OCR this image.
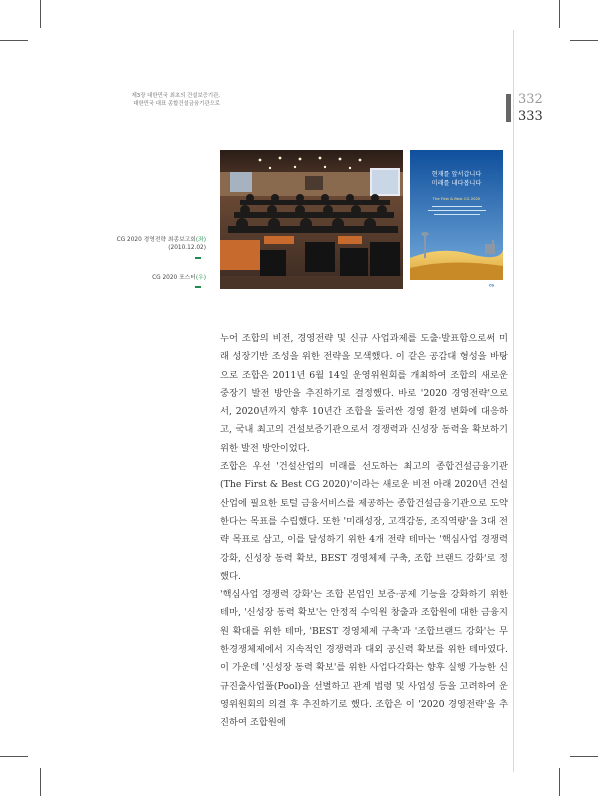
제3장 대한민국 최초의 건설보증기관,
대한민국 대표 종합건설금융기관으로	332
333
현재를 앞서갑니다
미래를 내다봅니다
The First & Best CG 2020
CG
CG 2020 경영전략 최종보고회(좌)
(2010.12.02)
CG 2020 포스터(우)

누어 조합의 비전, 경영전략 및 신규 사업과제를 도출·발표함으로써 미래 성장기반 조성을 위한 전략을 모색했다. 이 같은 공감대 형성을 바탕으로 조합은 2011년 6월 14일 운영위원회를 개최하여 조합의 새로운 중장기 발전 방안을 추진하기로 결정했다. 바로 '2020 경영전략'으로서, 2020년까지 향후 10년간 조합을 둘러싼 경영 환경 변화에 대응하고, 국내 최고의 건설보증기관으로서 경쟁력과 신성장 동력을 확보하기 위한 발전 방안이었다.

조합은 우선 '건설산업의 미래를 선도하는 최고의 종합건설금융기관(The First & Best CG 2020)'이라는 새로운 비전 아래 2020년 건설산업에 필요한 토털 금융서비스를 제공하는 종합건설금융기관으로 도약한다는 목표를 수립했다. 또한 '미래성장, 고객감동, 조직역량'을 3대 전략 목표로 삼고, 이를 달성하기 위한 4개 전략 테마는 '핵심사업 경쟁력 강화, 신성장 동력 확보, BEST 경영체제 구축, 조합 브랜드 강화'로 정했다.

'핵심사업 경쟁력 강화'는 조합 본업인 보증·공제 기능을 강화하기 위한 테마, '신성장 동력 확보'는 안정적 수익원 창출과 조합원에 대한 금융지원 확대를 위한 테마, 'BEST 경영체제 구축'과 '조합브랜드 강화'는 무한경쟁체제에서 지속적인 경쟁력과 대외 공신력 확보를 위한 테마였다. 이 가운데 '신성장 동력 확보'를 위한 사업다각화는 향후 실행 가능한 신규진출사업풀(Pool)을 선별하고 관계 법령 및 사업성 등을 고려하여 운영위원회의 의결 후 추진하기로 했다. 조합은 이 '2020 경영전략'을 추진하여 조합원에
